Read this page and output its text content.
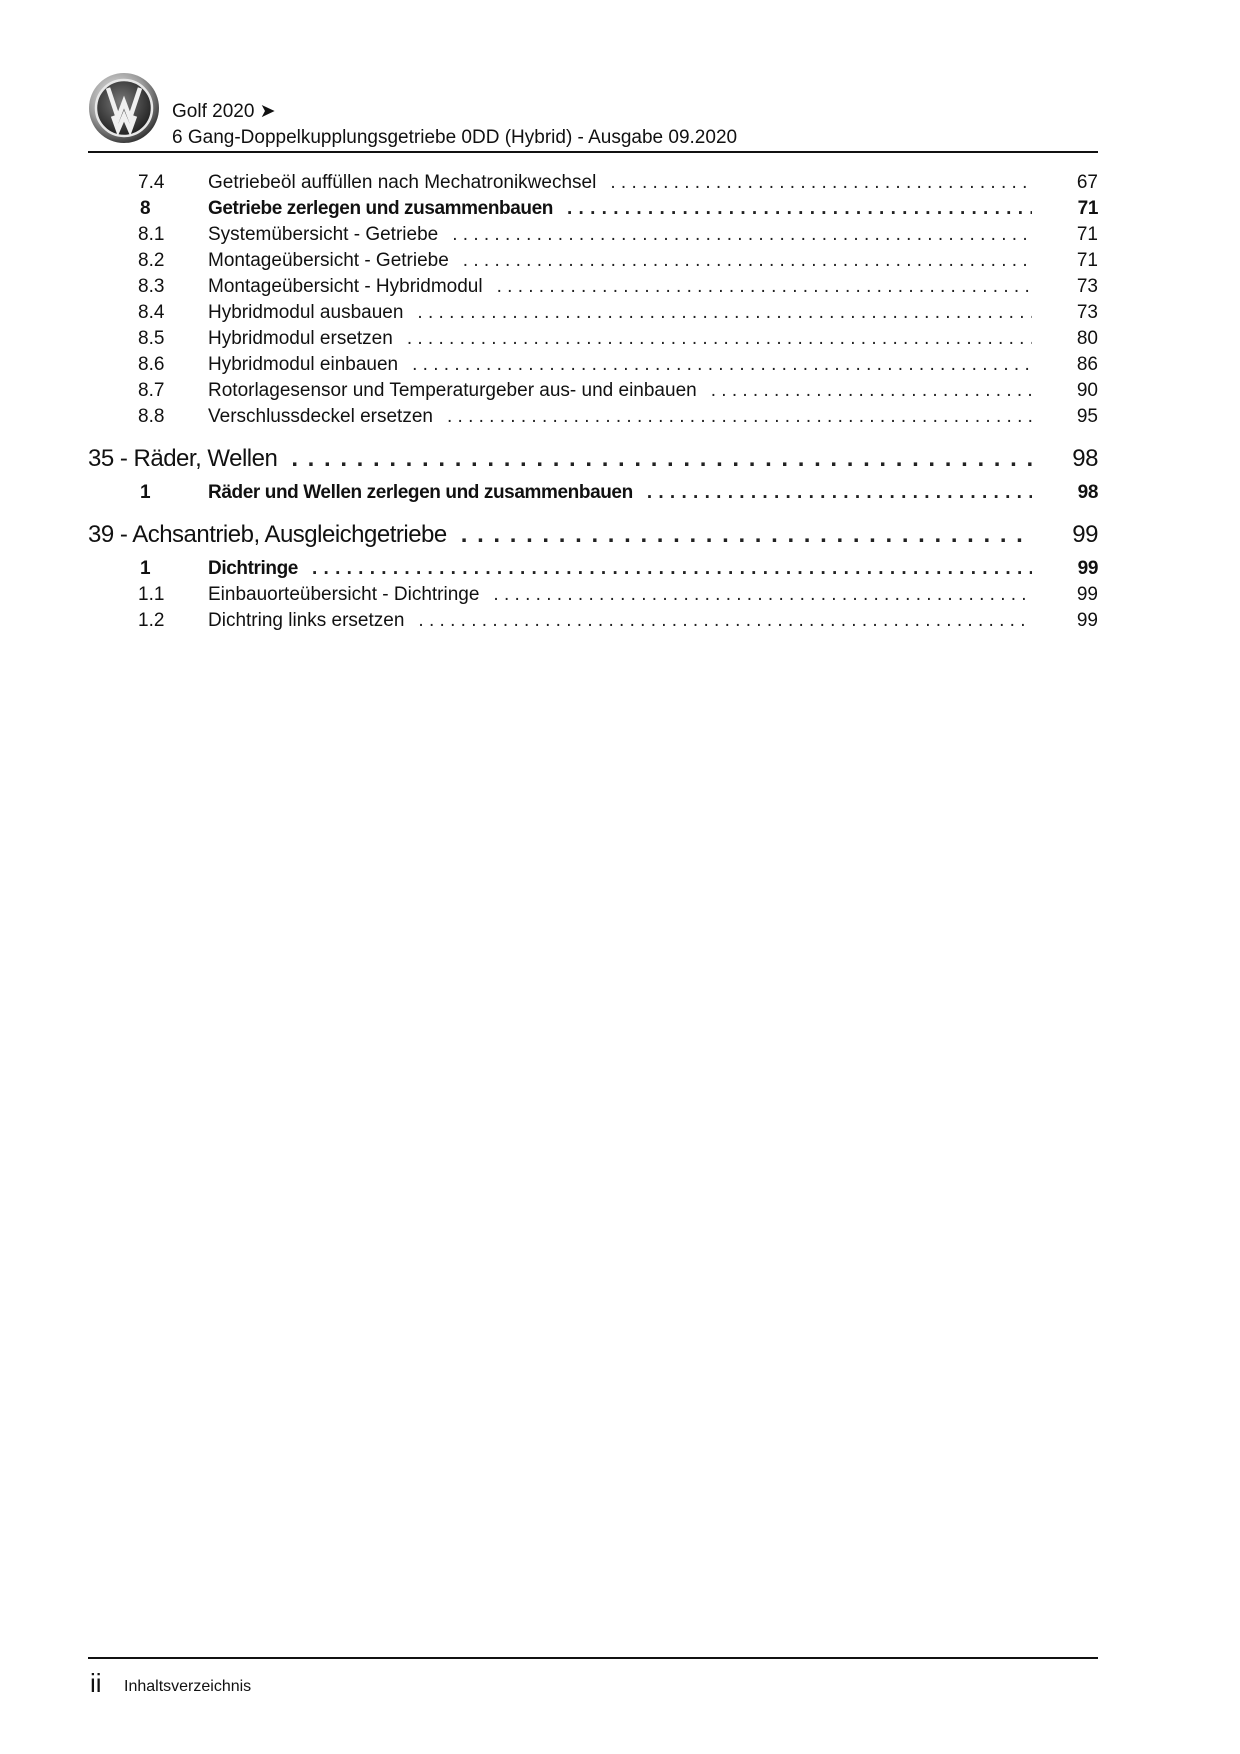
Golf 2020 ➤
6 Gang-Doppelkupplungsgetriebe 0DD (Hybrid) - Ausgabe 09.2020
7.4	Getriebeöl auffüllen nach Mechatronikwechsel . . .	67
8	Getriebe zerlegen und zusammenbauen . . .	71
8.1	Systemübersicht - Getriebe . . .	71
8.2	Montageübersicht - Getriebe . . .	71
8.3	Montageübersicht - Hybridmodul . . .	73
8.4	Hybridmodul ausbauen . . .	73
8.5	Hybridmodul ersetzen . . .	80
8.6	Hybridmodul einbauen . . .	86
8.7	Rotorlagesensor und Temperaturgeber aus- und einbauen . . .	90
8.8	Verschlussdeckel ersetzen . . .	95
35 - Räder, Wellen . . .	98
1	Räder und Wellen zerlegen und zusammenbauen . . .	98
39 - Achsantrieb, Ausgleichgetriebe . . .	99
1	Dichtringe . . .	99
1.1	Einbauorteübersicht - Dichtringe . . .	99
1.2	Dichtring links ersetzen . . .	99
ii Inhaltsverzeichnis
